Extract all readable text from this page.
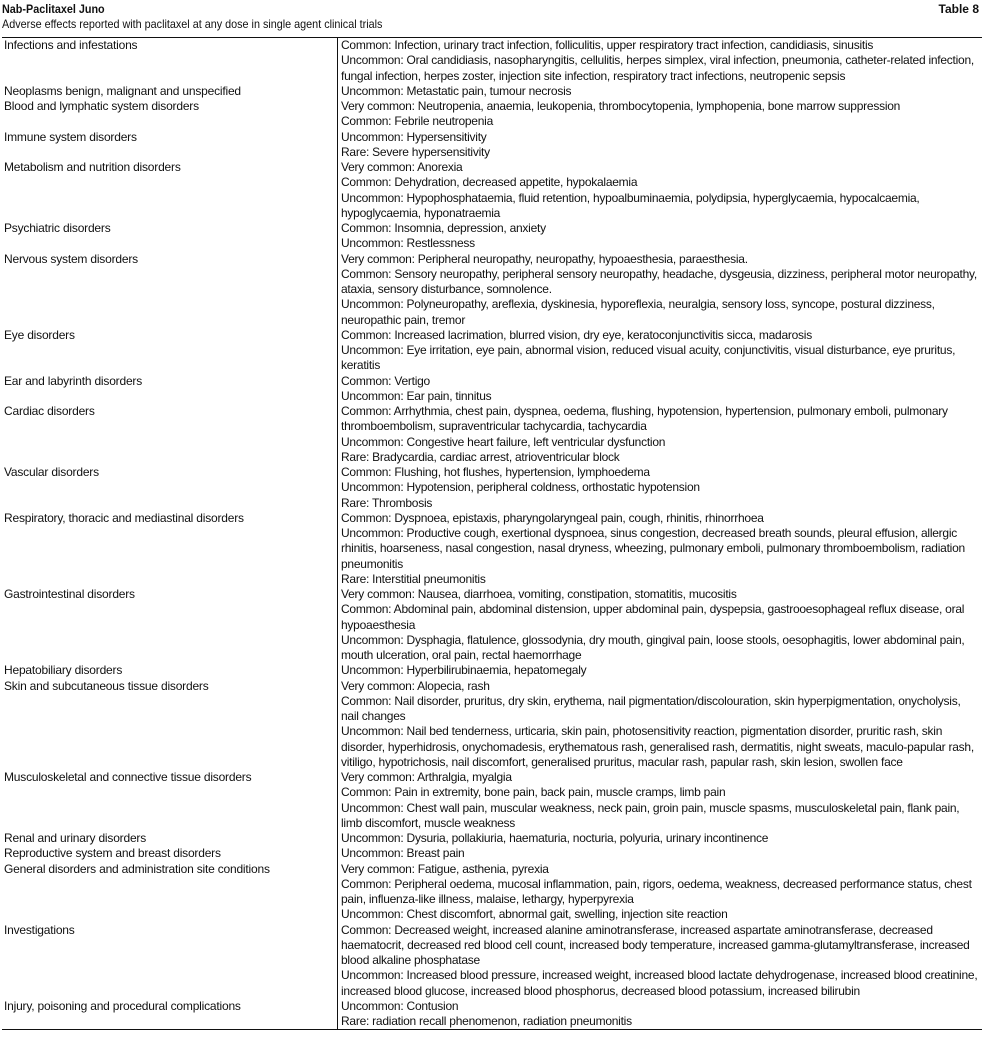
Nab-Paclitaxel Juno	Table 8
Adverse effects reported with paclitaxel at any dose in single agent clinical trials
Infections and infestations	Common: Infection, urinary tract infection, folliculitis, upper respiratory tract infection, candidiasis, sinusitis
Uncommon: Oral candidiasis, nasopharyngitis, cellulitis, herpes simplex, viral infection, pneumonia, catheter-related infection, fungal infection, herpes zoster, injection site infection, respiratory tract infections, neutropenic sepsis

Neoplasms benign, malignant and unspecified	Uncommon: Metastatic pain, tumour necrosis

Blood and lymphatic system disorders	Very common: Neutropenia, anaemia, leukopenia, thrombocytopenia, lymphopenia, bone marrow suppression
Common: Febrile neutropenia

Immune system disorders	Uncommon: Hypersensitivity
Rare: Severe hypersensitivity

Metabolism and nutrition disorders	Very common: Anorexia
Common: Dehydration, decreased appetite, hypokalaemia
Uncommon: Hypophosphataemia, fluid retention, hypoalbuminaemia, polydipsia, hyperglycaemia, hypocalcaemia, hypoglycaemia, hyponatraemia

Psychiatric disorders	Common: Insomnia, depression, anxiety
Uncommon: Restlessness

Nervous system disorders	Very common: Peripheral neuropathy, neuropathy, hypoaesthesia, paraesthesia.
Common: Sensory neuropathy, peripheral sensory neuropathy, headache, dysgeusia, dizziness, peripheral motor neuropathy, ataxia, sensory disturbance, somnolence.
Uncommon: Polyneuropathy, areflexia, dyskinesia, hyporeflexia, neuralgia, sensory loss, syncope, postural dizziness, neuropathic pain, tremor

Eye disorders	Common: Increased lacrimation, blurred vision, dry eye, keratoconjunctivitis sicca, madarosis
Uncommon: Eye irritation, eye pain, abnormal vision, reduced visual acuity, conjunctivitis, visual disturbance, eye pruritus, keratitis

Ear and labyrinth disorders	Common: Vertigo
Uncommon: Ear pain, tinnitus

Cardiac disorders	Common: Arrhythmia, chest pain, dyspnea, oedema, flushing, hypotension, hypertension, pulmonary emboli, pulmonary thromboembolism, supraventricular tachycardia, tachycardia
Uncommon: Congestive heart failure, left ventricular dysfunction
Rare: Bradycardia, cardiac arrest, atrioventricular block

Vascular disorders	Common: Flushing, hot flushes, hypertension, lymphoedema
Uncommon: Hypotension, peripheral coldness, orthostatic hypotension
Rare: Thrombosis

Respiratory, thoracic and mediastinal disorders	Common: Dyspnoea, epistaxis, pharyngolaryngeal pain, cough, rhinitis, rhinorrhoea
Uncommon: Productive cough, exertional dyspnoea, sinus congestion, decreased breath sounds, pleural effusion, allergic rhinitis, hoarseness, nasal congestion, nasal dryness, wheezing, pulmonary emboli, pulmonary thromboembolism, radiation pneumonitis
Rare: Interstitial pneumonitis

Gastrointestinal disorders	Very common: Nausea, diarrhoea, vomiting, constipation, stomatitis, mucositis
Common: Abdominal pain, abdominal distension, upper abdominal pain, dyspepsia, gastrooesophageal reflux disease, oral hypoaesthesia
Uncommon: Dysphagia, flatulence, glossodynia, dry mouth, gingival pain, loose stools, oesophagitis, lower abdominal pain, mouth ulceration, oral pain, rectal haemorrhage

Hepatobiliary disorders	Uncommon: Hyperbilirubinaemia, hepatomegaly

Skin and subcutaneous tissue disorders	Very common: Alopecia, rash
Common: Nail disorder, pruritus, dry skin, erythema, nail pigmentation/discolouration, skin hyperpigmentation, onycholysis, nail changes
Uncommon: Nail bed tenderness, urticaria, skin pain, photosensitivity reaction, pigmentation disorder, pruritic rash, skin disorder, hyperhidrosis, onychomadesis, erythematous rash, generalised rash, dermatitis, night sweats, maculo-papular rash, vitiligo, hypotrichosis, nail discomfort, generalised pruritus, macular rash, papular rash, skin lesion, swollen face

Musculoskeletal and connective tissue disorders	Very common: Arthralgia, myalgia
Common: Pain in extremity, bone pain, back pain, muscle cramps, limb pain
Uncommon: Chest wall pain, muscular weakness, neck pain, groin pain, muscle spasms, musculoskeletal pain, flank pain, limb discomfort, muscle weakness

Renal and urinary disorders	Uncommon: Dysuria, pollakiuria, haematuria, nocturia, polyuria, urinary incontinence

Reproductive system and breast disorders	Uncommon: Breast pain

General disorders and administration site conditions	Very common: Fatigue, asthenia, pyrexia
Common: Peripheral oedema, mucosal inflammation, pain, rigors, oedema, weakness, decreased performance status, chest pain, influenza-like illness, malaise, lethargy, hyperpyrexia
Uncommon: Chest discomfort, abnormal gait, swelling, injection site reaction

Investigations	Common: Decreased weight, increased alanine aminotransferase, increased aspartate aminotransferase, decreased haematocrit, decreased red blood cell count, increased body temperature, increased gamma-glutamyltransferase, increased blood alkaline phosphatase
Uncommon: Increased blood pressure, increased weight, increased blood lactate dehydrogenase, increased blood creatinine, increased blood glucose, increased blood phosphorus, decreased blood potassium, increased bilirubin

Injury, poisoning and procedural complications	Uncommon: Contusion
Rare: radiation recall phenomenon, radiation pneumonitis
